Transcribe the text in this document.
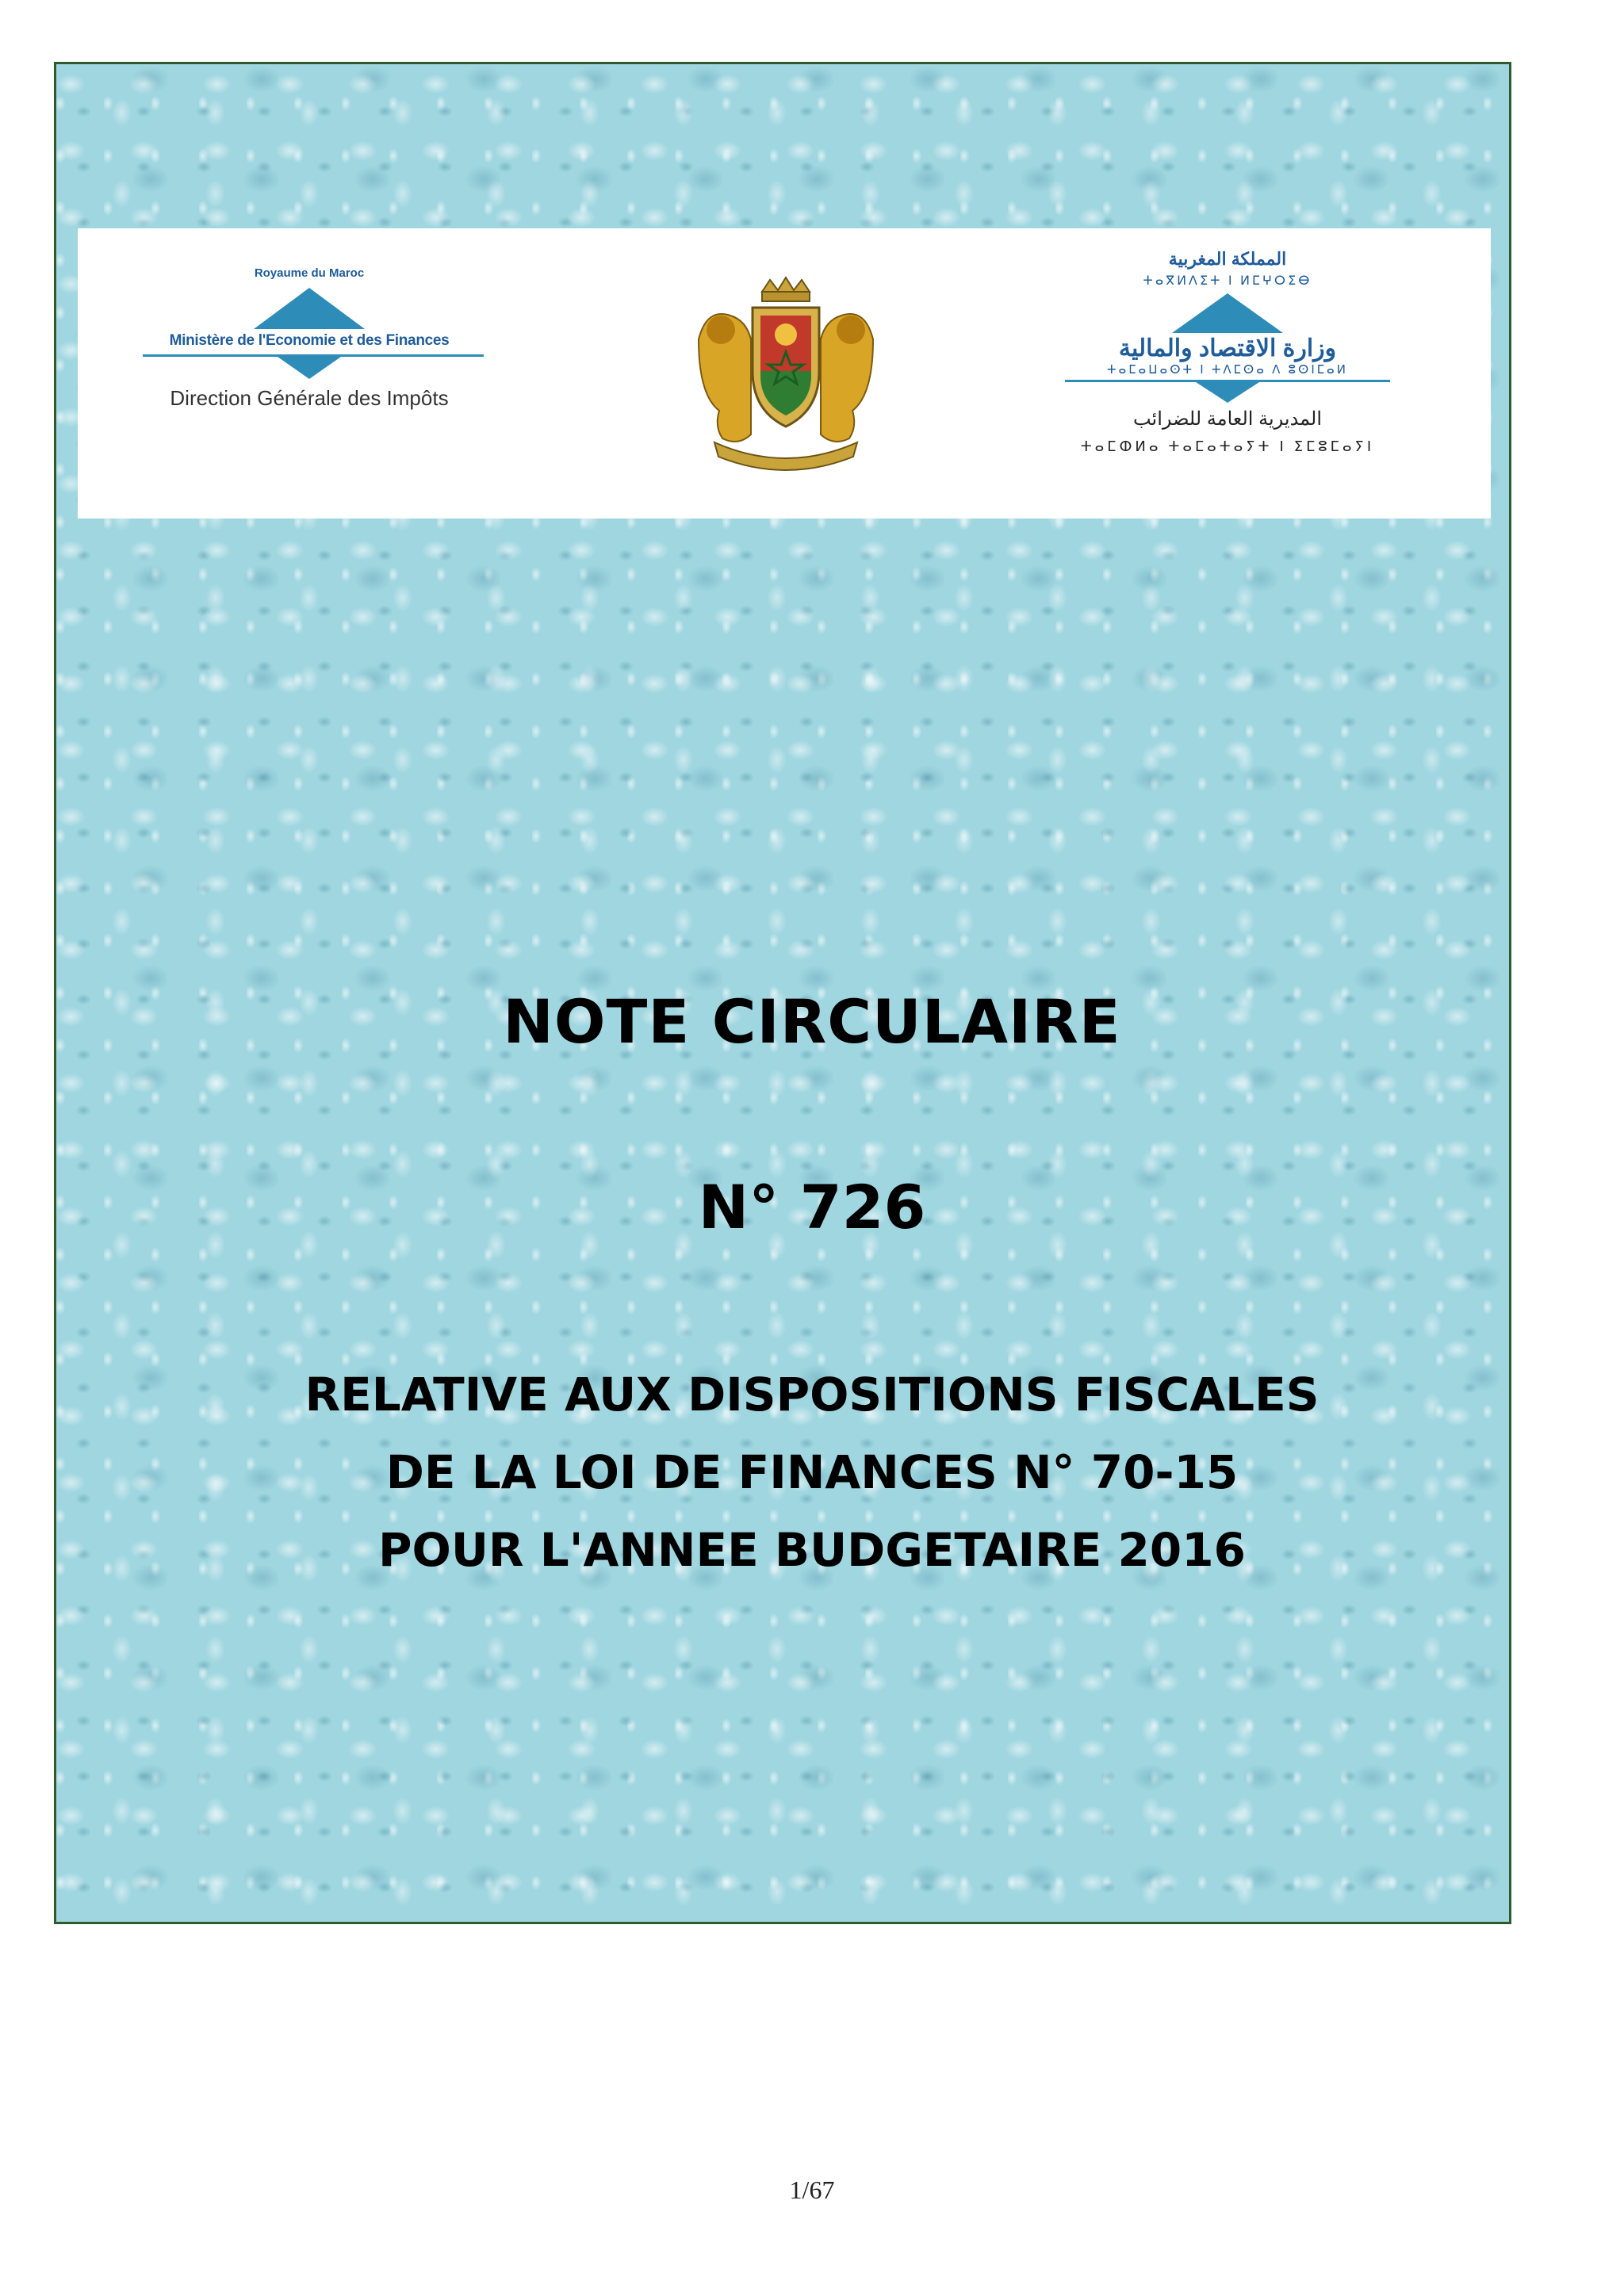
Royaume du Maroc
Ministère de l'Economie et des Finances
Direction Générale des Impôts
المملكة المغربية
ⵜⴰⴳⵍⴷⵉⵜ ⵏ ⵍⵎⵖⵔⵉⴱ
وزارة الاقتصاد والمالية
ⵜⴰⵎⴰⵡⴰⵙⵜ ⵏ ⵜⴷⵎⵙⴰ ⴷ ⵓⵙⵏⵎⴰⵍ
المديرية العامة للضرائب
ⵜⴰⵎⵀⵍⴰ ⵜⴰⵎⴰⵜⴰⵢⵜ ⵏ ⵉⵎⵓⵎⴰⵢⵏ
NOTE CIRCULAIRE
N° 726
RELATIVE AUX DISPOSITIONS FISCALES
DE LA LOI DE FINANCES N° 70-15
POUR L'ANNEE BUDGETAIRE 2016
1/67
